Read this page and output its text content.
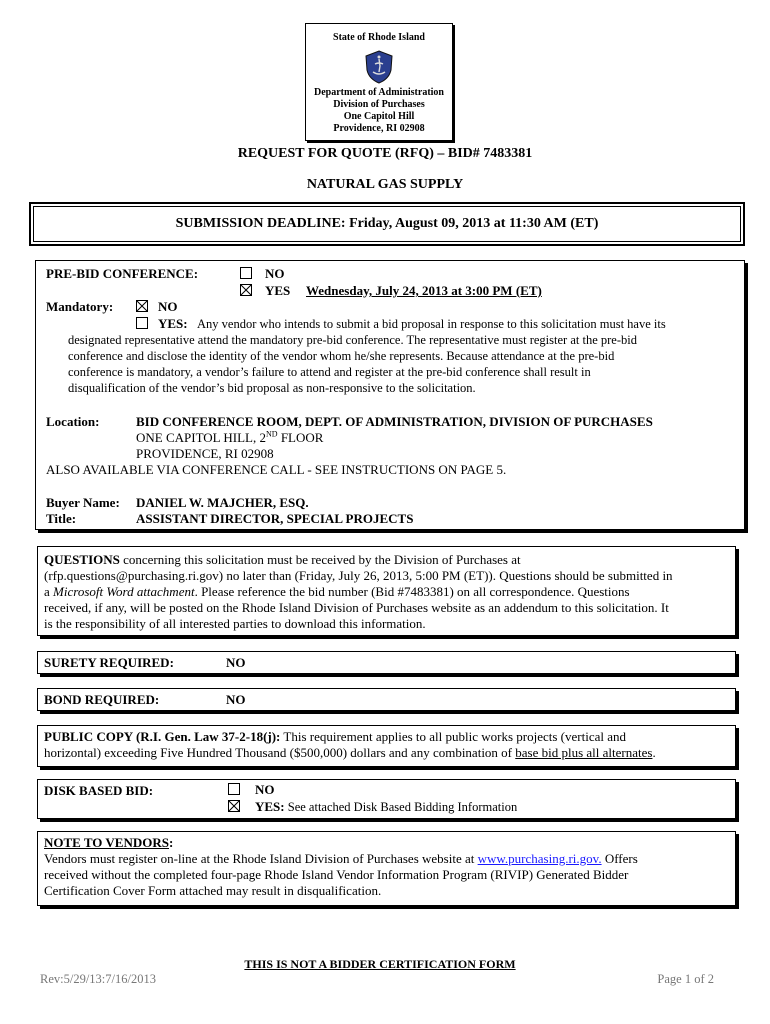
State of Rhode Island
Department of Administration
Division of Purchases
One Capitol Hill
Providence, RI 02908
REQUEST FOR QUOTE (RFQ) – BID# 7483381
NATURAL GAS SUPPLY
SUBMISSION DEADLINE: Friday, August 09, 2013 at 11:30 AM (ET)
PRE-BID CONFERENCE:	NO
YES Wednesday, July 24, 2013 at 3:00 PM (ET)
Mandatory:	NO
YES: Any vendor who intends to submit a bid proposal in response to this solicitation must have its
designated representative attend the mandatory pre-bid conference. The representative must register at the pre-bid
conference and disclose the identity of the vendor whom he/she represents. Because attendance at the pre-bid
conference is mandatory, a vendor’s failure to attend and register at the pre-bid conference shall result in
disqualification of the vendor’s bid proposal as non-responsive to the solicitation.
Location:	BID CONFERENCE ROOM, DEPT. OF ADMINISTRATION, DIVISION OF PURCHASES
ONE CAPITOL HILL, 2ND FLOOR
PROVIDENCE, RI 02908
ALSO AVAILABLE VIA CONFERENCE CALL - SEE INSTRUCTIONS ON PAGE 5.
Buyer Name: DANIEL W. MAJCHER, ESQ.
Title:	ASSISTANT DIRECTOR, SPECIAL PROJECTS
QUESTIONS concerning this solicitation must be received by the Division of Purchases at
(rfp.questions@purchasing.ri.gov) no later than (Friday, July 26, 2013, 5:00 PM (ET)). Questions should be submitted in
a Microsoft Word attachment. Please reference the bid number (Bid #7483381) on all correspondence. Questions
received, if any, will be posted on the Rhode Island Division of Purchases website as an addendum to this solicitation. It
is the responsibility of all interested parties to download this information.
SURETY REQUIRED:	NO
BOND REQUIRED:	NO
PUBLIC COPY (R.I. Gen. Law 37-2-18(j): This requirement applies to all public works projects (vertical and
horizontal) exceeding Five Hundred Thousand ($500,000) dollars and any combination of base bid plus all alternates.
DISK BASED BID:	NO
YES: See attached Disk Based Bidding Information
NOTE TO VENDORS:
Vendors must register on-line at the Rhode Island Division of Purchases website at www.purchasing.ri.gov. Offers
received without the completed four-page Rhode Island Vendor Information Program (RIVIP) Generated Bidder
Certification Cover Form attached may result in disqualification.
THIS IS NOT A BIDDER CERTIFICATION FORM
Rev:5/29/13:7/16/2013	Page 1 of 2
